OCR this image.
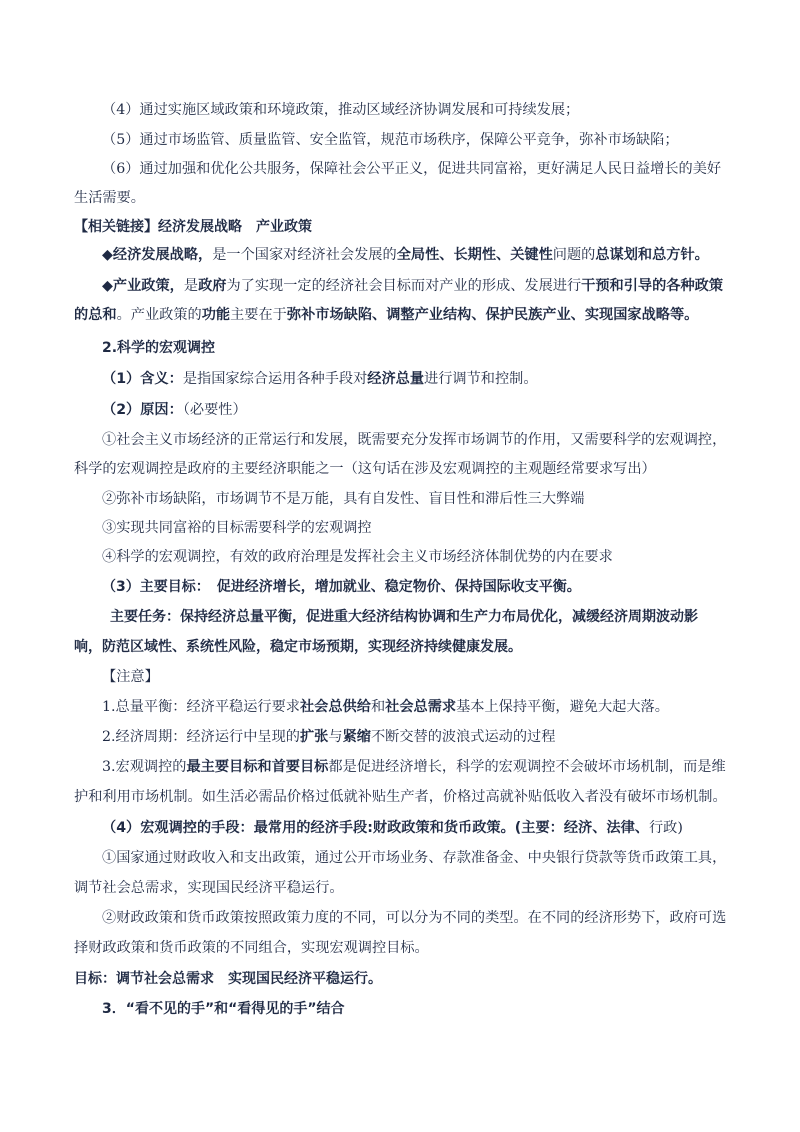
（4）通过实施区域政策和环境政策，推动区域经济协调发展和可持续发展；
（5）通过市场监管、质量监管、安全监管，规范市场秩序，保障公平竞争，弥补市场缺陷；
（6）通过加强和优化公共服务，保障社会公平正义，促进共同富裕，更好满足人民日益增长的美好
生活需要。
【相关链接】经济发展战略　产业政策
◆经济发展战略，是一个国家对经济社会发展的全局性、长期性、关键性问题的总谋划和总方针。
◆产业政策，是政府为了实现一定的经济社会目标而对产业的形成、发展进行干预和引导的各种政策
的总和。产业政策的功能主要在于弥补市场缺陷、调整产业结构、保护民族产业、实现国家战略等。
2.科学的宏观调控
（1）含义：是指国家综合运用各种手段对经济总量进行调节和控制。
（2）原因：（必要性）
①社会主义市场经济的正常运行和发展，既需要充分发挥市场调节的作用，又需要科学的宏观调控，
科学的宏观调控是政府的主要经济职能之一（这句话在涉及宏观调控的主观题经常要求写出）
②弥补市场缺陷，市场调节不是万能，具有自发性、盲目性和滞后性三大弊端
③实现共同富裕的目标需要科学的宏观调控
④科学的宏观调控，有效的政府治理是发挥社会主义市场经济体制优势的内在要求
（3）主要目标：　促进经济增长，增加就业、稳定物价、保持国际收支平衡。
主要任务：保持经济总量平衡，促进重大经济结构协调和生产力布局优化，减缓经济周期波动影
响，防范区域性、系统性风险，稳定市场预期，实现经济持续健康发展。
【注意】
1.总量平衡：经济平稳运行要求社会总供给和社会总需求基本上保持平衡，避免大起大落。
2.经济周期：经济运行中呈现的扩张与紧缩不断交替的波浪式运动的过程
3.宏观调控的最主要目标和首要目标都是促进经济增长，科学的宏观调控不会破坏市场机制，而是维
护和利用市场机制。如生活必需品价格过低就补贴生产者，价格过高就补贴低收入者没有破坏市场机制。
（4）宏观调控的手段：最常用的经济手段:财政政策和货币政策。(主要：经济、法律、行政)
①国家通过财政收入和支出政策，通过公开市场业务、存款准备金、中央银行贷款等货币政策工具，
调节社会总需求，实现国民经济平稳运行。
②财政政策和货币政策按照政策力度的不同，可以分为不同的类型。在不同的经济形势下，政府可选
择财政政策和货币政策的不同组合，实现宏观调控目标。
目标：调节社会总需求　实现国民经济平稳运行。
3．“看不见的手”和“看得见的手”结合
